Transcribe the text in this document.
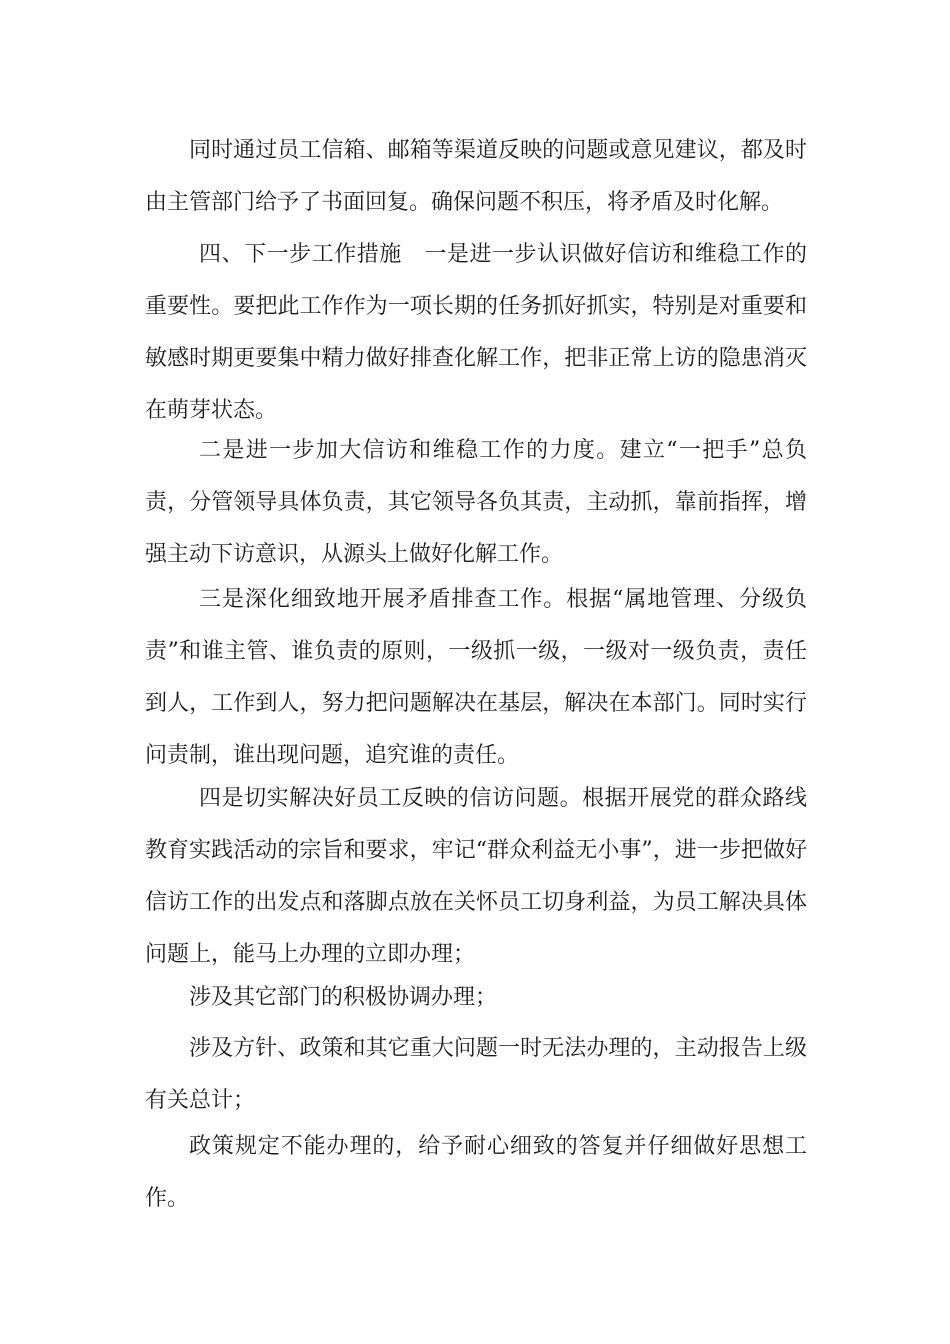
同时通过员工信箱、邮箱等渠道反映的问题或意见建议，都及时由主管部门给予了书面回复。确保问题不积压，将矛盾及时化解。

四、下一步工作措施　一是进一步认识做好信访和维稳工作的重要性。要把此工作作为一项长期的任务抓好抓实，特别是对重要和敏感时期更要集中精力做好排查化解工作，把非正常上访的隐患消灭在萌芽状态。

二是进一步加大信访和维稳工作的力度。建立“一把手”总负责，分管领导具体负责，其它领导各负其责，主动抓，靠前指挥，增强主动下访意识，从源头上做好化解工作。

三是深化细致地开展矛盾排查工作。根据“属地管理、分级负责”和谁主管、谁负责的原则，一级抓一级，一级对一级负责，责任到人，工作到人，努力把问题解决在基层，解决在本部门。同时实行问责制，谁出现问题，追究谁的责任。

四是切实解决好员工反映的信访问题。根据开展党的群众路线教育实践活动的宗旨和要求，牢记“群众利益无小事”，进一步把做好信访工作的出发点和落脚点放在关怀员工切身利益，为员工解决具体问题上，能马上办理的立即办理；

涉及其它部门的积极协调办理；

涉及方针、政策和其它重大问题一时无法办理的，主动报告上级有关总计；

政策规定不能办理的，给予耐心细致的答复并仔细做好思想工作。
